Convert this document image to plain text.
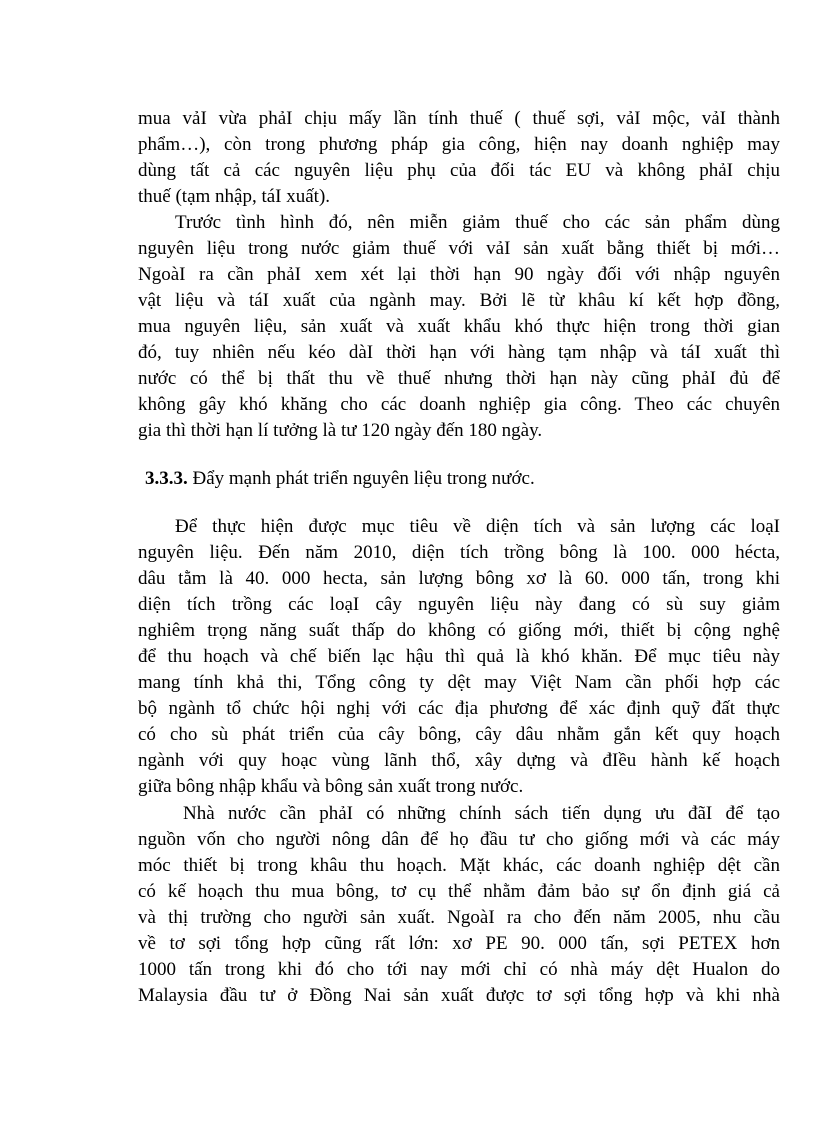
mua vảI vừa phảI chịu mấy lần tính thuế ( thuế sợi, vảI mộc, vảI thành
phẩm…), còn trong phương pháp gia công, hiện nay doanh nghiệp may
dùng tất cả các nguyên liệu phụ của đối tác EU và không phảI chịu
thuế (tạm nhập, táI xuất).
Trước tình hình đó, nên miễn giảm thuế cho các sản phẩm dùng
nguyên liệu trong nước giảm thuế với vảI sản xuất bằng thiết bị mới…
NgoàI ra cần phảI xem xét lại thời hạn 90 ngày đối với nhập nguyên
vật liệu và táI xuất của ngành may. Bởi lẽ từ khâu kí kết hợp đồng,
mua nguyên liệu, sản xuất và xuất khẩu khó thực hiện trong thời gian
đó, tuy nhiên nếu kéo dàI thời hạn với hàng tạm nhập và táI xuất thì
nước có thể bị thất thu về thuế nhưng thời hạn này cũng phảI đủ để
không gây khó khăng cho các doanh nghiệp gia công. Theo các chuyên
gia thì thời hạn lí tưởng là tư 120 ngày đến 180 ngày.
3.3.3. Đẩy mạnh phát triển nguyên liệu trong nước.
Để thực hiện được mục tiêu về diện tích và sản lượng các loạI
nguyên liệu. Đến năm 2010, diện tích trồng bông là 100. 000 hécta,
dâu tằm là 40. 000 hecta, sản lượng bông xơ là 60. 000 tấn, trong khi
diện tích trồng các loạI cây nguyên liệu này đang có sù suy giảm
nghiêm trọng năng suất thấp do không có giống mới, thiết bị cộng nghệ
để thu hoạch và chế biến lạc hậu thì quả là khó khăn. Để mục tiêu này
mang tính khả thi, Tổng công ty dệt may Việt Nam cần phối hợp các
bộ ngành tổ chức hội nghị với các địa phương để xác định quỹ đất thực
có cho sù phát triển của cây bông, cây dâu nhằm gắn kết quy hoạch
ngành với quy hoạc vùng lãnh thổ, xây dựng và đIều hành kế hoạch
giữa bông nhập khẩu và bông sản xuất trong nước.
Nhà nước cần phảI có những chính sách tiến dụng ưu đãI để tạo
nguồn vốn cho người nông dân để họ đầu tư cho giống mới và các máy
móc thiết bị trong khâu thu hoạch. Mặt khác, các doanh nghiệp dệt cần
có kế hoạch thu mua bông, tơ cụ thể nhằm đảm bảo sự ổn định giá cả
và thị trường cho người sản xuất. NgoàI ra cho đến năm 2005, nhu cầu
về tơ sợi tổng hợp cũng rất lớn: xơ PE 90. 000 tấn, sợi PETEX hơn
1000 tấn trong khi đó cho tới nay mới chỉ có nhà máy dệt Hualon do
Malaysia đầu tư ở Đồng Nai sản xuất được tơ sợi tổng hợp và khi nhà
